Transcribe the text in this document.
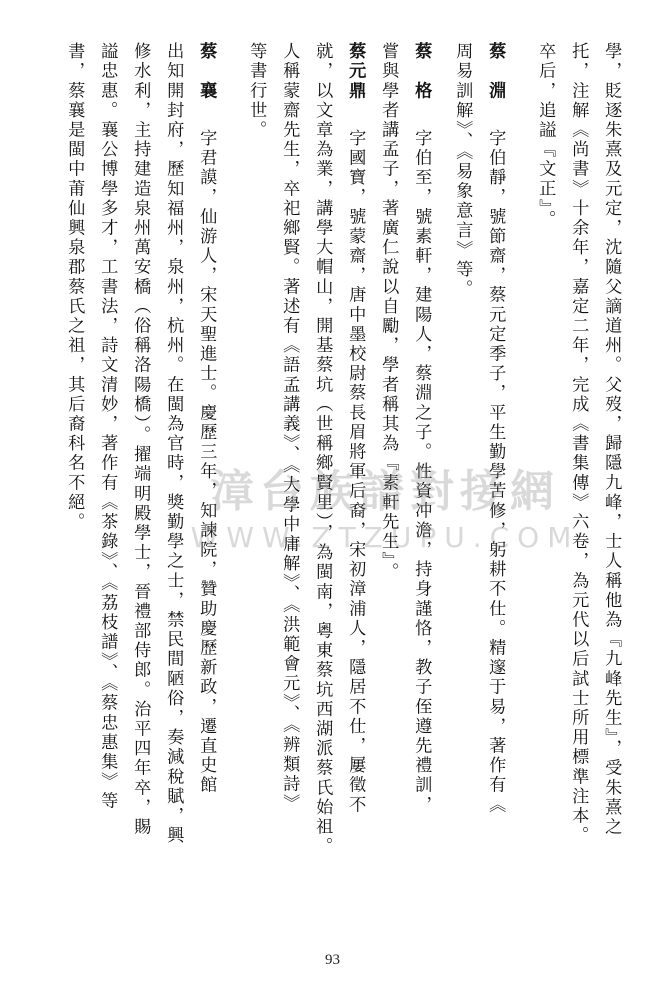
學，貶逐朱熹及元定，沈隨父謫道州。父歿，歸隱九峰，士人稱他為『九峰先生』，受朱熹之
托，注解《尚書》十余年，嘉定二年，完成《書集傳》六卷，為元代以后試士所用標準注本。
卒后，追謚『文正』。
蔡　淵字伯靜，號節齋，蔡元定季子，平生勤學苦修，躬耕不仕。精邃于易，著作有《
周易訓解》、《易象意言》等。
蔡　格字伯至，號素軒，建陽人，蔡淵之子。性資冲澹，持身謹恪，教子侄遵先禮訓，
嘗與學者講孟子，著廣仁說以自勵，學者稱其為『素軒先生』。
蔡元鼎字國寶，號蒙齋，唐中墨校尉蔡長眉將軍后裔，宋初漳浦人，隱居不仕，屢徵不
就，以文章為業，講學大帽山，開基蔡坑（世稱鄉賢里），為閩南，粵東蔡坑西湖派蔡氏始祖。
人稱蒙齋先生，卒祀鄉賢。著述有《語孟講義》、《大學中庸解》、《洪範會元》、《辨類詩》
等書行世。
蔡　襄字君謨，仙游人，宋天聖進士。慶歷三年，知諫院，贊助慶歷新政，遷直史館
出知開封府，歷知福州，泉州，杭州。在閩為官時，獎勤學之士，禁民間陋俗，奏減稅賦，興
修水利，主持建造泉州萬安橋（俗稱洛陽橋）。擢端明殿學士，晉禮部侍郎。治平四年卒，賜
謚忠惠。襄公博學多才，工書法，詩文清妙，著作有《茶錄》、《荔枝譜》、《蔡忠惠集》等
書，蔡襄是閩中莆仙興泉郡蔡氏之祖，其后裔科名不絕。	漳台族譜對接網
WWW.ZTZUPU.COM
93
